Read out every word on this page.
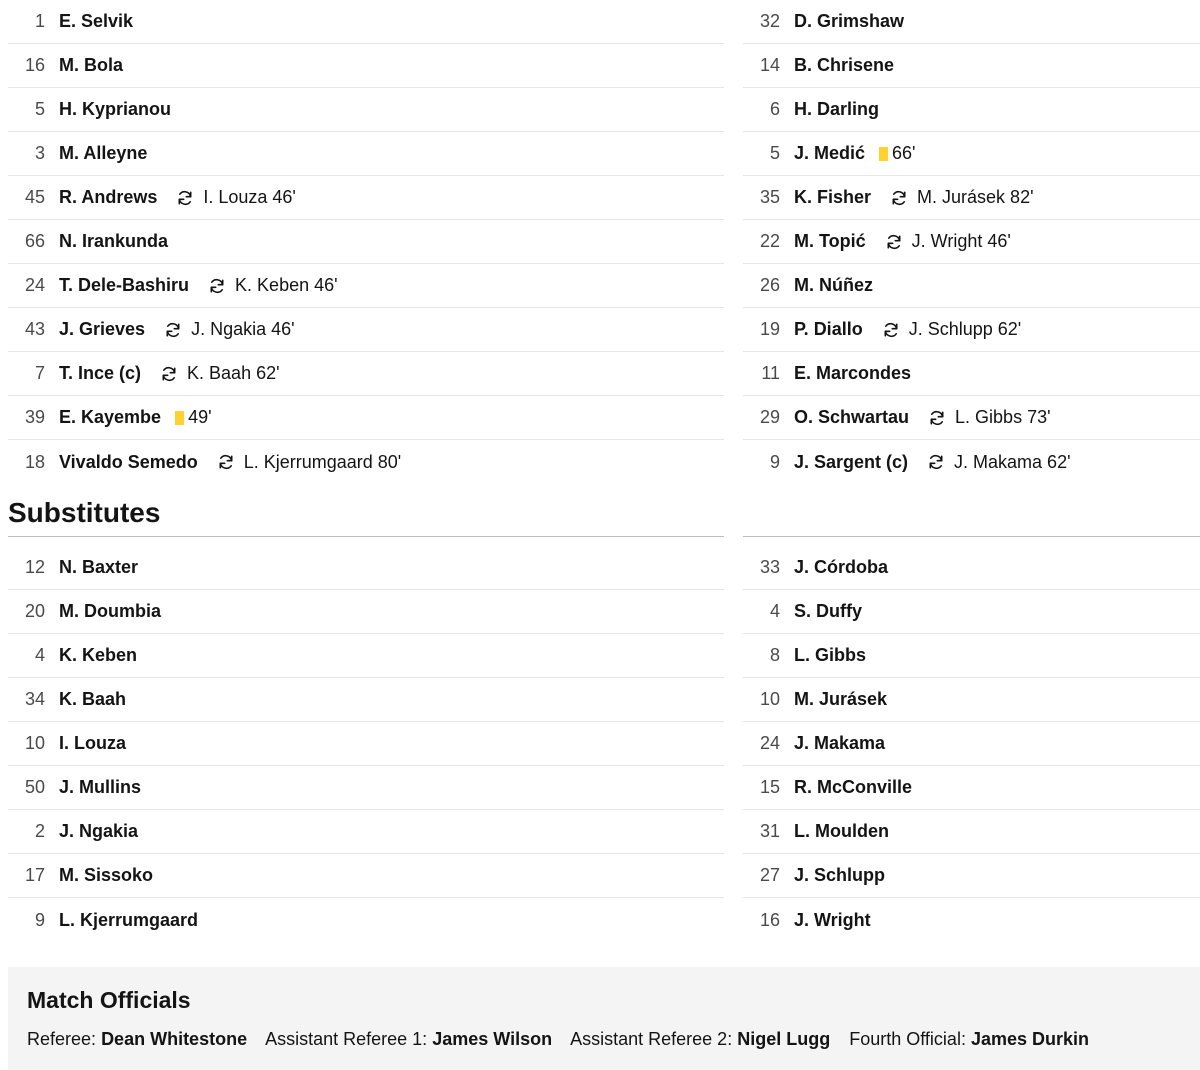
1 E. Selvik
16 M. Bola
5 H. Kyprianou
3 M. Alleyne
45 R. Andrews	I. Louza 46'
66 N. Irankunda
24 T. Dele-Bashiru	K. Keben 46'
43 J. Grieves	J. Ngakia 46'
7 T. Ince (c)	K. Baah 62'
39 E. Kayembe 49'
18 Vivaldo Semedo	L. Kjerrumgaard 80'
32 D. Grimshaw
14 B. Chrisene
6 H. Darling
5 J. Medić 66'
35 K. Fisher	M. Jurásek 82'
22 M. Topić	J. Wright 46'
26 M. Núñez
19 P. Diallo	J. Schlupp 62'
11 E. Marcondes
29 O. Schwartau	L. Gibbs 73'
9 J. Sargent (c)	J. Makama 62'
Substitutes
12 N. Baxter
20 M. Doumbia
4 K. Keben
34 K. Baah
10 I. Louza
50 J. Mullins
2 J. Ngakia
17 M. Sissoko
9 L. Kjerrumgaard
33 J. Córdoba
4 S. Duffy
8 L. Gibbs
10 M. Jurásek
24 J. Makama
15 R. McConville
31 L. Moulden
27 J. Schlupp
16 J. Wright
Match Officials
Referee: Dean Whitestone Assistant Referee 1: James Wilson Assistant Referee 2: Nigel Lugg Fourth Official: James Durkin
